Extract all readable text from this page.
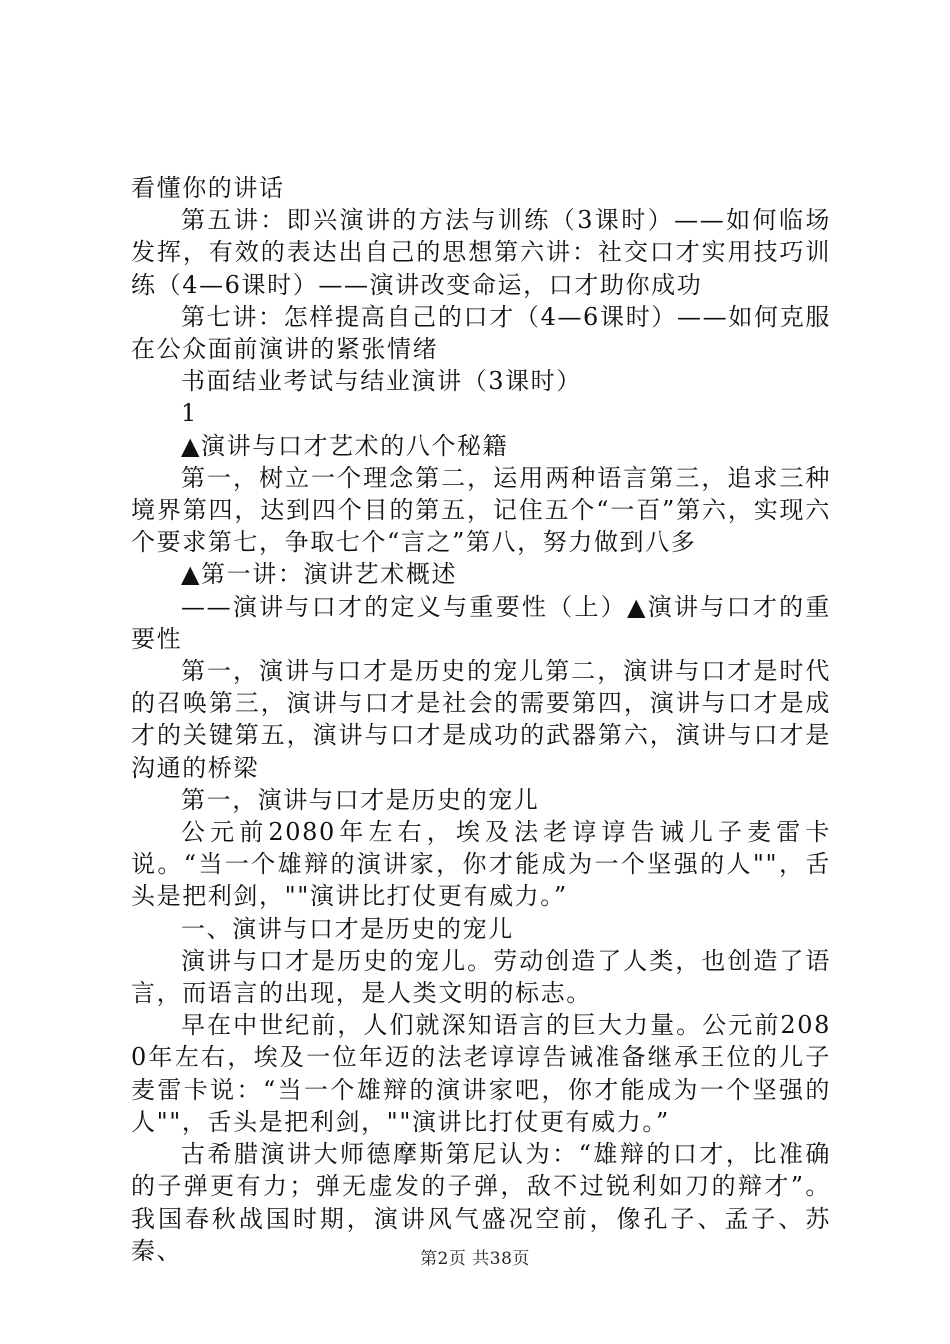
看懂你的讲话

第五讲：即兴演讲的方法与训练（3课时）——如何临场发挥，有效的表达出自己的思想第六讲：社交口才实用技巧训练（4—6课时）——演讲改变命运，口才助你成功

第七讲：怎样提高自己的口才（4—6课时）——如何克服在公众面前演讲的紧张情绪

书面结业考试与结业演讲（3课时）

1

▲演讲与口才艺术的八个秘籍

第一，树立一个理念第二，运用两种语言第三，追求三种境界第四，达到四个目的第五，记住五个“一百”第六，实现六个要求第七，争取七个“言之”第八，努力做到八多

▲第一讲：演讲艺术概述

——演讲与口才的定义与重要性（上）▲演讲与口才的重要性

第一，演讲与口才是历史的宠儿第二，演讲与口才是时代的召唤第三，演讲与口才是社会的需要第四，演讲与口才是成才的关键第五，演讲与口才是成功的武器第六，演讲与口才是沟通的桥梁

第一，演讲与口才是历史的宠儿

公元前2080年左右，埃及法老谆谆告诫儿子麦雷卡说。“当一个雄辩的演讲家，你才能成为一个坚强的人""，舌头是把利剑，""演讲比打仗更有威力。”

一、演讲与口才是历史的宠儿

演讲与口才是历史的宠儿。劳动创造了人类，也创造了语言，而语言的出现，是人类文明的标志。

早在中世纪前，人们就深知语言的巨大力量。公元前2080年左右，埃及一位年迈的法老谆谆告诫准备继承王位的儿子麦雷卡说：“当一个雄辩的演讲家吧，你才能成为一个坚强的人""，舌头是把利剑，""演讲比打仗更有威力。”

古希腊演讲大师德摩斯第尼认为：“雄辩的口才，比准确的子弹更有力；弹无虚发的子弹，敌不过锐利如刀的辩才”。我国春秋战国时期，演讲风气盛况空前，像孔子、孟子、苏秦、	第2页 共38页
